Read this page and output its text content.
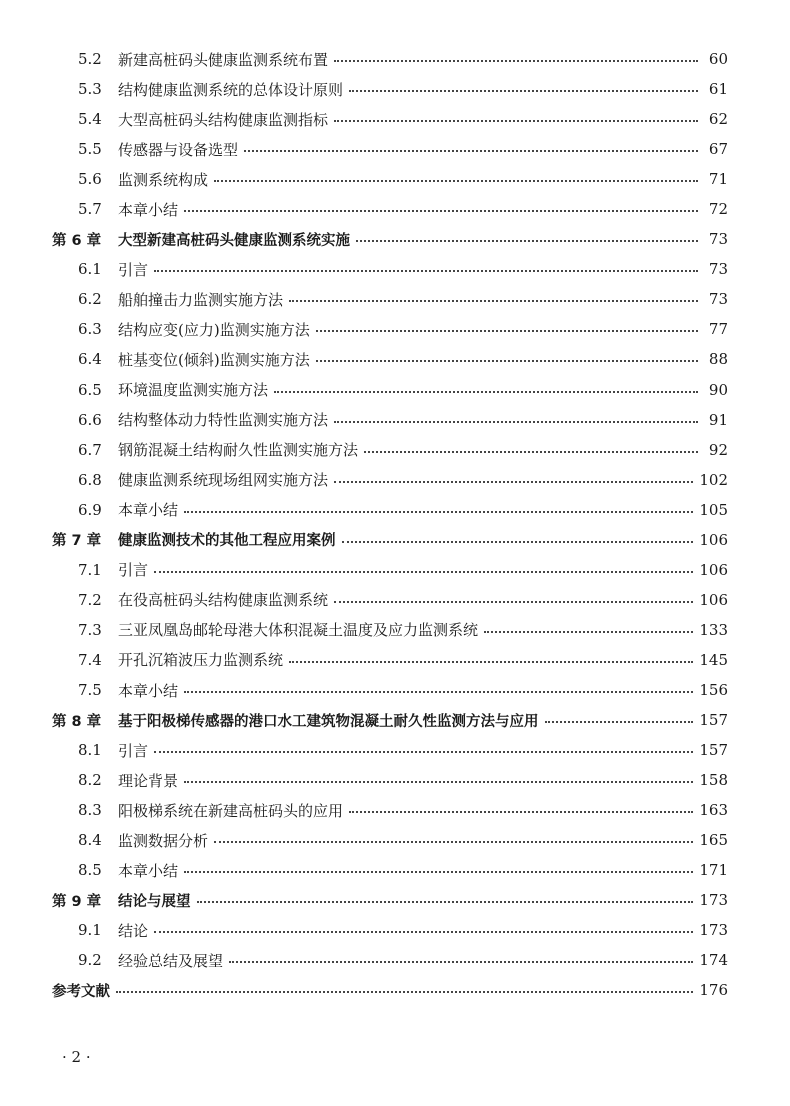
5.2	新建高桩码头健康监测系统布置	60
5.3	结构健康监测系统的总体设计原则	61
5.4	大型高桩码头结构健康监测指标	62
5.5	传感器与设备选型	67
5.6	监测系统构成	71
5.7	本章小结	72
第 6 章	大型新建高桩码头健康监测系统实施	73
6.1	引言	73
6.2	船舶撞击力监测实施方法	73
6.3	结构应变(应力)监测实施方法	77
6.4	桩基变位(倾斜)监测实施方法	88
6.5	环境温度监测实施方法	90
6.6	结构整体动力特性监测实施方法	91
6.7	钢筋混凝土结构耐久性监测实施方法	92
6.8	健康监测系统现场组网实施方法	102
6.9	本章小结	105
第 7 章	健康监测技术的其他工程应用案例	106
7.1	引言	106
7.2	在役高桩码头结构健康监测系统	106
7.3	三亚凤凰岛邮轮母港大体积混凝土温度及应力监测系统	133
7.4	开孔沉箱波压力监测系统	145
7.5	本章小结	156
第 8 章	基于阳极梯传感器的港口水工建筑物混凝土耐久性监测方法与应用	157
8.1	引言	157
8.2	理论背景	158
8.3	阳极梯系统在新建高桩码头的应用	163
8.4	监测数据分析	165
8.5	本章小结	171
第 9 章	结论与展望	173
9.1	结论	173
9.2	经验总结及展望	174
参考文献	176
· 2 ·
